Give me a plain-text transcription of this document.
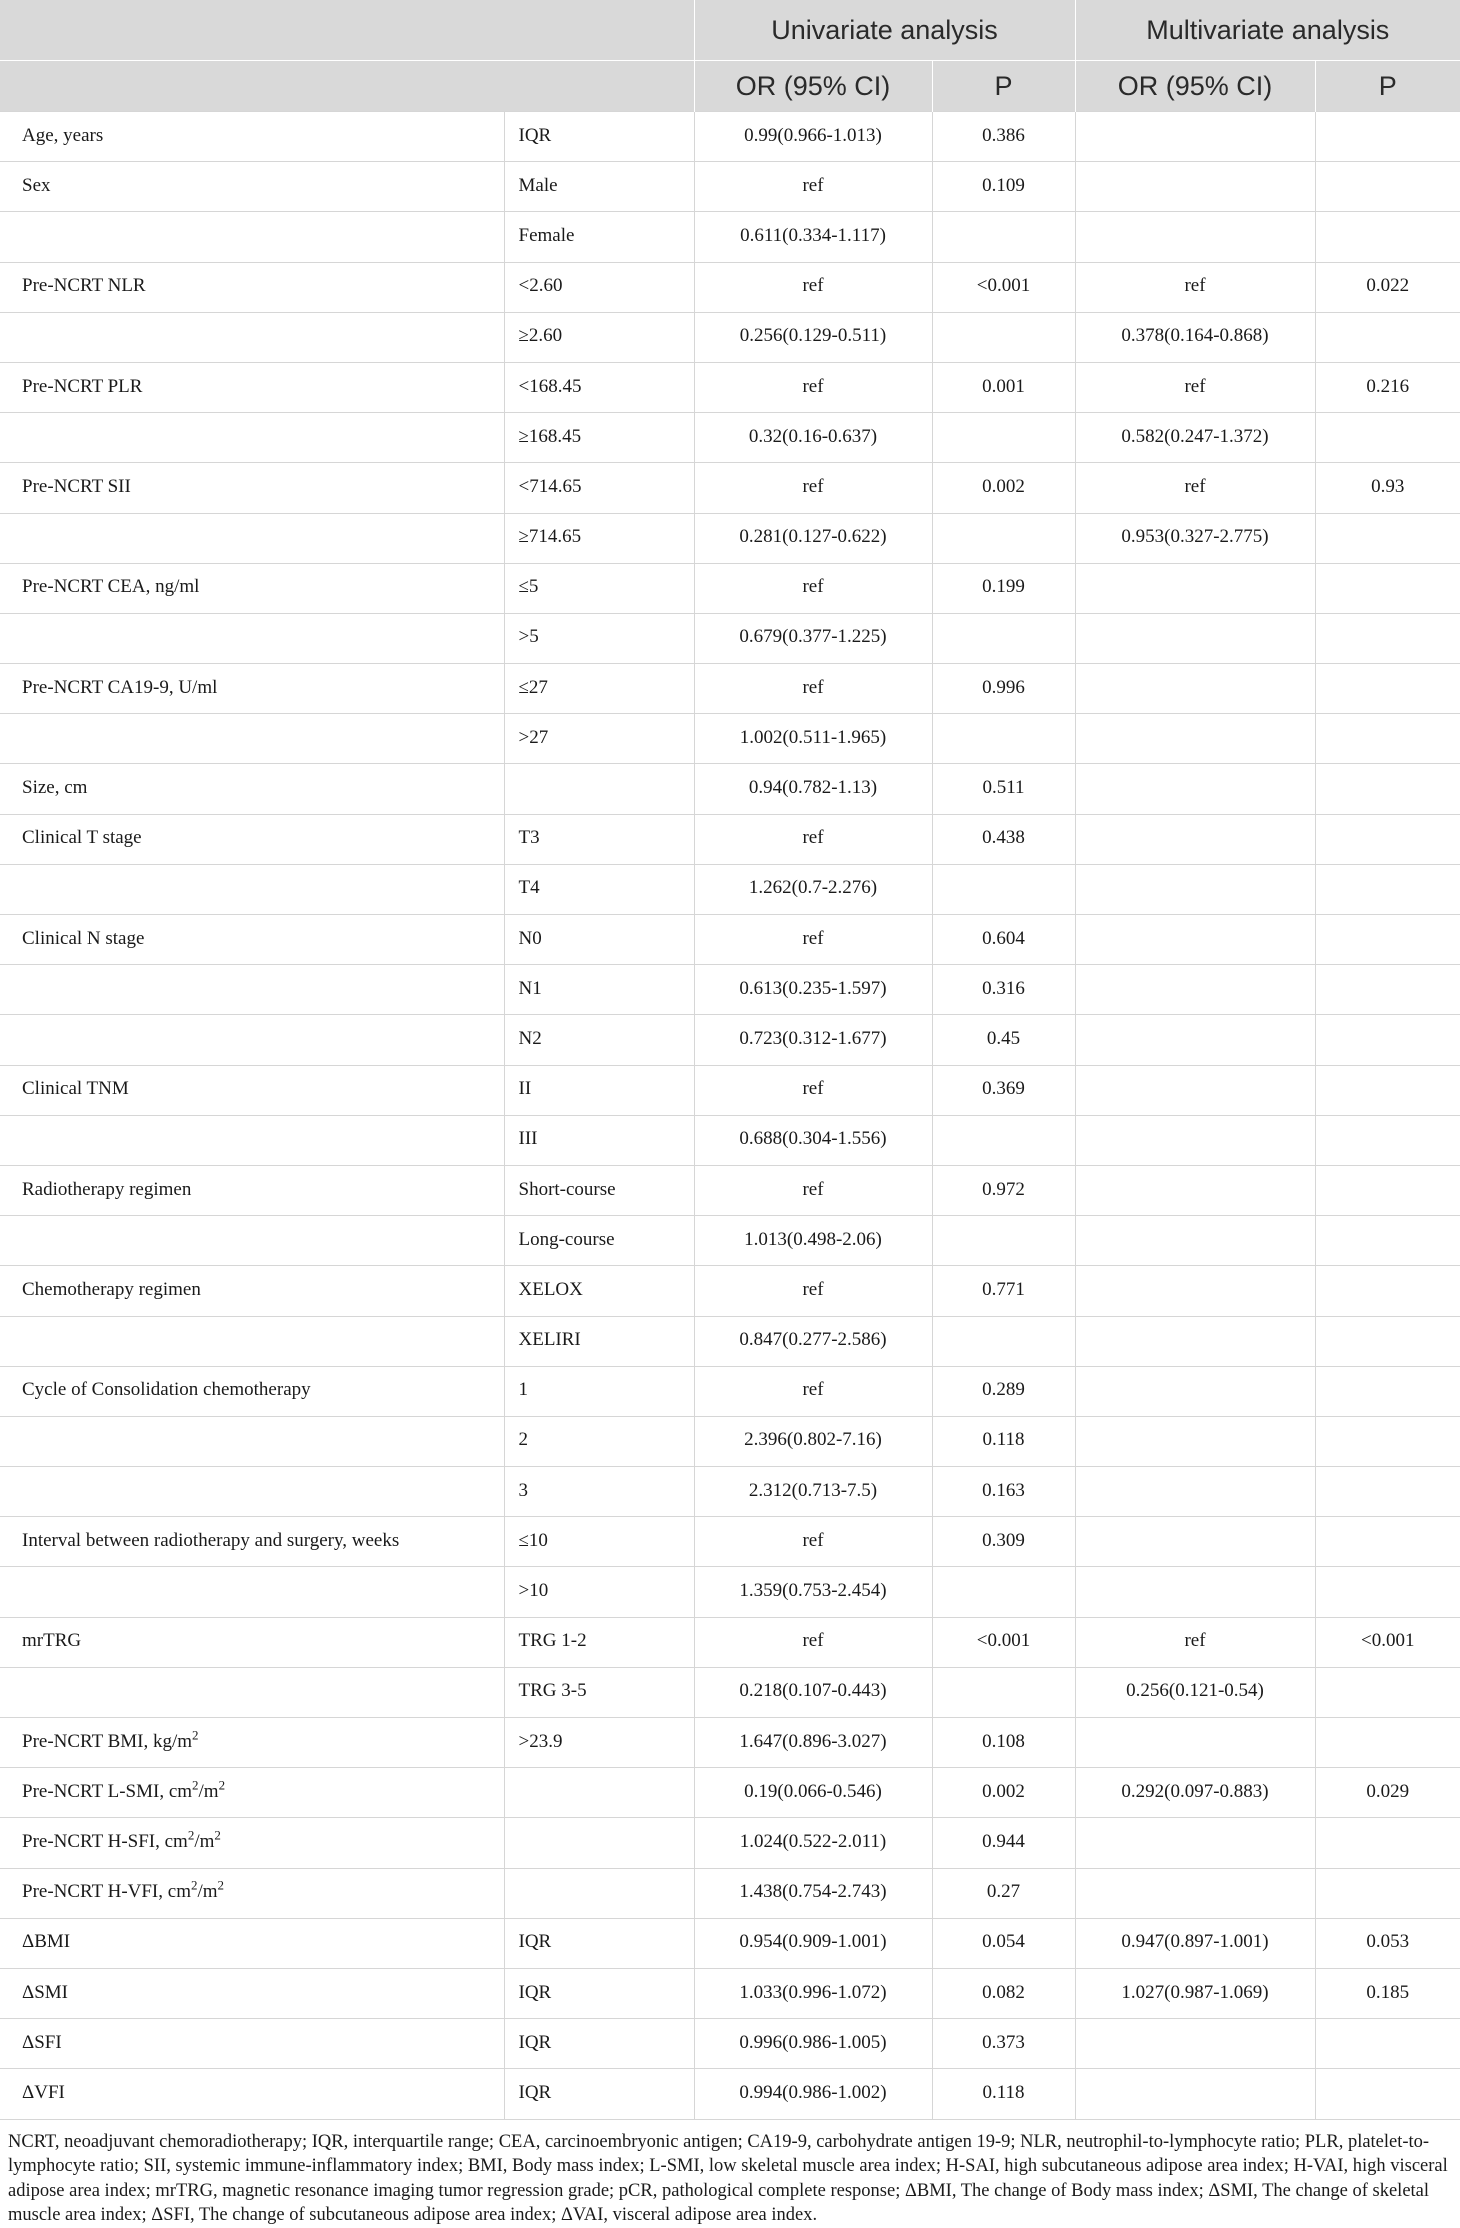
		Univariate analysis		Multivariate analysis	
		OR (95% CI)	P	OR (95% CI)	P
Age, years	IQR	0.99(0.966-1.013)	0.386		
Sex	Male	ref	0.109		
	Female	0.611(0.334-1.117)			
Pre-NCRT NLR	<2.60	ref	<0.001	ref	0.022
	≥2.60	0.256(0.129-0.511)		0.378(0.164-0.868)	
Pre-NCRT PLR	<168.45	ref	0.001	ref	0.216
	≥168.45	0.32(0.16-0.637)		0.582(0.247-1.372)	
Pre-NCRT SII	<714.65	ref	0.002	ref	0.93
	≥714.65	0.281(0.127-0.622)		0.953(0.327-2.775)	
Pre-NCRT CEA, ng/ml	≤5	ref	0.199		
	>5	0.679(0.377-1.225)			
Pre-NCRT CA19-9, U/ml	≤27	ref	0.996		
	>27	1.002(0.511-1.965)			
Size, cm		0.94(0.782-1.13)	0.511		
Clinical T stage	T3	ref	0.438		
	T4	1.262(0.7-2.276)			
Clinical N stage	N0	ref	0.604		
	N1	0.613(0.235-1.597)	0.316		
	N2	0.723(0.312-1.677)	0.45		
Clinical TNM	II	ref	0.369		
	III	0.688(0.304-1.556)			
Radiotherapy regimen	Short-course	ref	0.972		
	Long-course	1.013(0.498-2.06)			
Chemotherapy regimen	XELOX	ref	0.771		
	XELIRI	0.847(0.277-2.586)			
Cycle of Consolidation chemotherapy	1	ref	0.289		
	2	2.396(0.802-7.16)	0.118		
	3	2.312(0.713-7.5)	0.163		
Interval between radiotherapy and surgery, weeks	≤10	ref	0.309		
	>10	1.359(0.753-2.454)			
mrTRG	TRG 1-2	ref	<0.001	ref	<0.001
	TRG 3-5	0.218(0.107-0.443)		0.256(0.121-0.54)	
Pre-NCRT BMI, $kg/m^2$	>23.9	1.647(0.896-3.027)	0.108		
Pre-NCRT L-SMI, $cm^2/m^2$		0.19(0.066-0.546)	0.002	0.292(0.097-0.883)	0.029
Pre-NCRT H-SFI, $cm^2/m^2$		1.024(0.522-2.011)	0.944		
Pre-NCRT H-VFI, $cm^2/m^2$		1.438(0.754-2.743)	0.27		
ΔBMI	IQR	0.954(0.909-1.001)	0.054	0.947(0.897-1.001)	0.053
ΔSMI	IQR	1.033(0.996-1.072)	0.082	1.027(0.987-1.069)	0.185
ΔSFI	IQR	0.996(0.986-1.005)	0.373		
ΔVFI	IQR	0.994(0.986-1.002)	0.118		
NCRT, neoadjuvant chemoradiotherapy; IQR, interquartile range; CEA, carcinoembryonic antigen; CA19-9, carbohydrate antigen 19-9; NLR, neutrophil-to-lymphocyte ratio; PLR, platelet-to-lymphocyte ratio; SII, systemic immune-inflammatory index; BMI, Body mass index; L-SMI, low skeletal muscle area index; H-SAI, high subcutaneous adipose area index; H-VAI, high visceral adipose area index; mrTRG, magnetic resonance imaging tumor regression grade; pCR, pathological complete response; ΔBMI, The change of Body mass index; ΔSMI, The change of skeletal muscle area index; ΔSFI, The change of subcutaneous adipose area index; ΔVAI, visceral adipose area index.
